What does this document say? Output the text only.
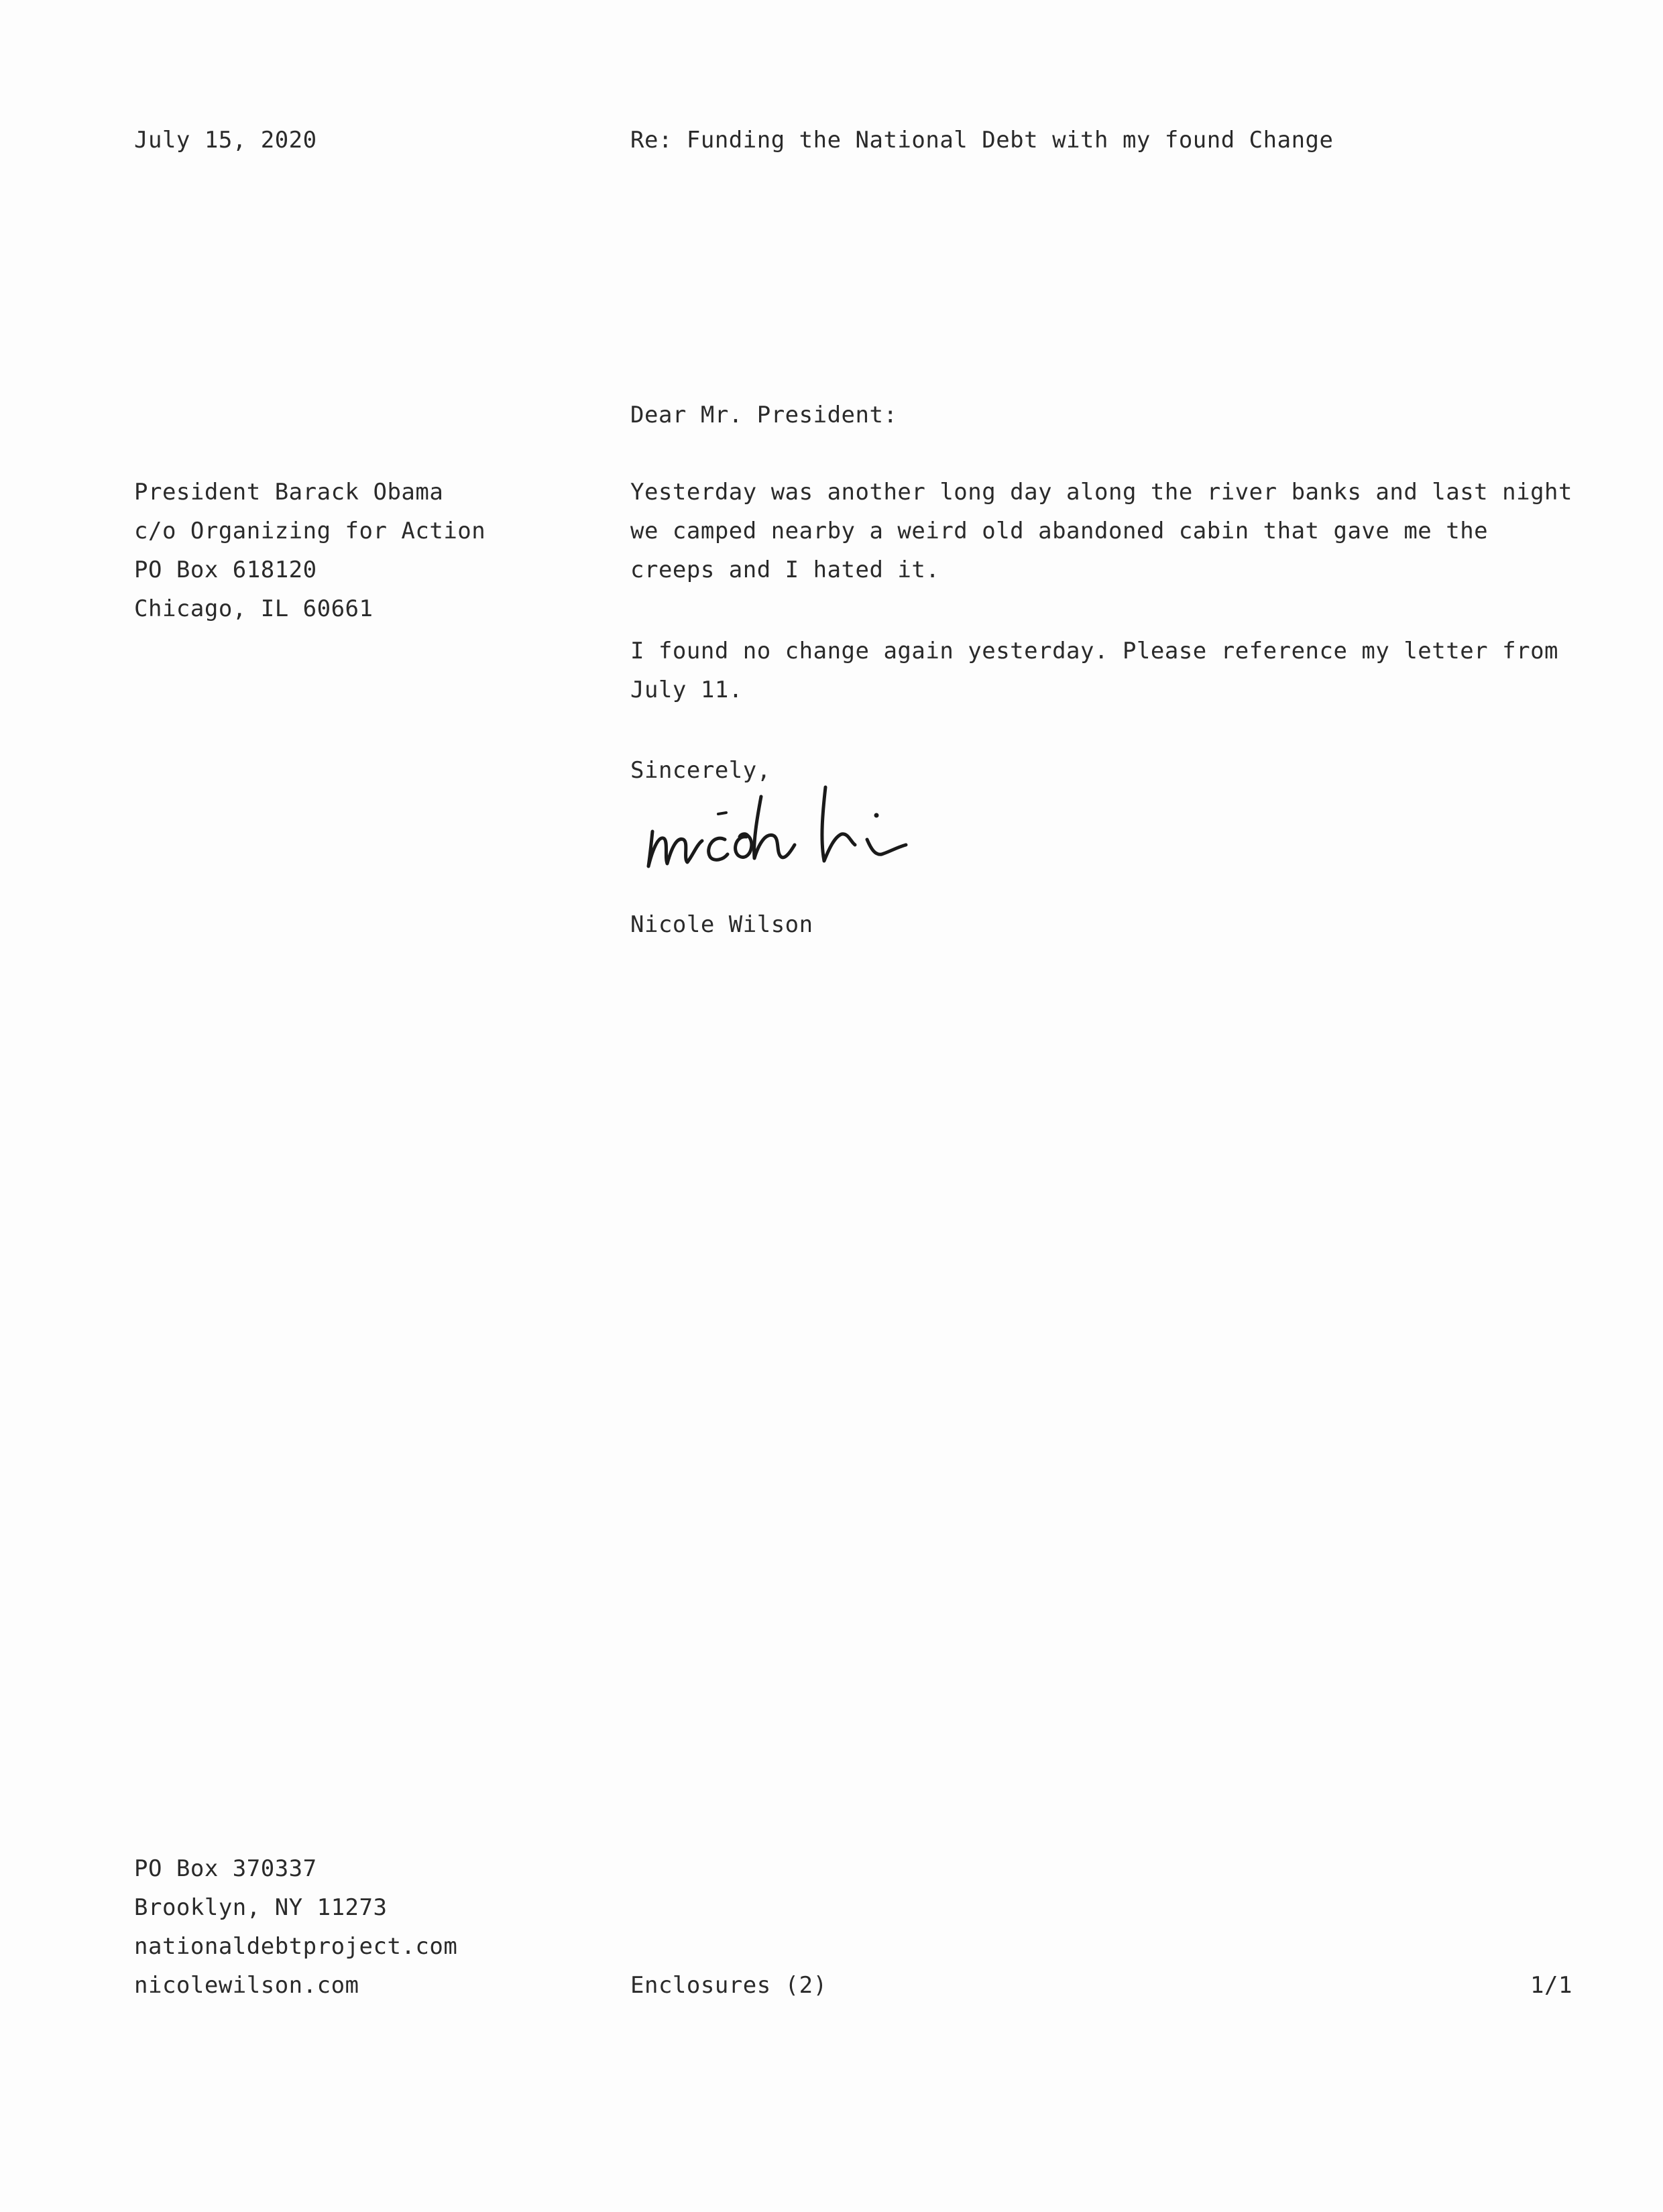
July 15, 2020	Re: Funding the National Debt with my found Change
Dear Mr. President:
President Barack Obama
c/o Organizing for Action
PO Box 618120
Chicago, IL 60661
Yesterday was another long day along the river banks and last night
we camped nearby a weird old abandoned cabin that gave me the
creeps and I hated it.
I found no change again yesterday. Please reference my letter from
July 11.
Sincerely,
Nicole Wilson
PO Box 370337
Brooklyn, NY 11273
nationaldebtproject.com
nicolewilson.com	Enclosures (2)	1/1
